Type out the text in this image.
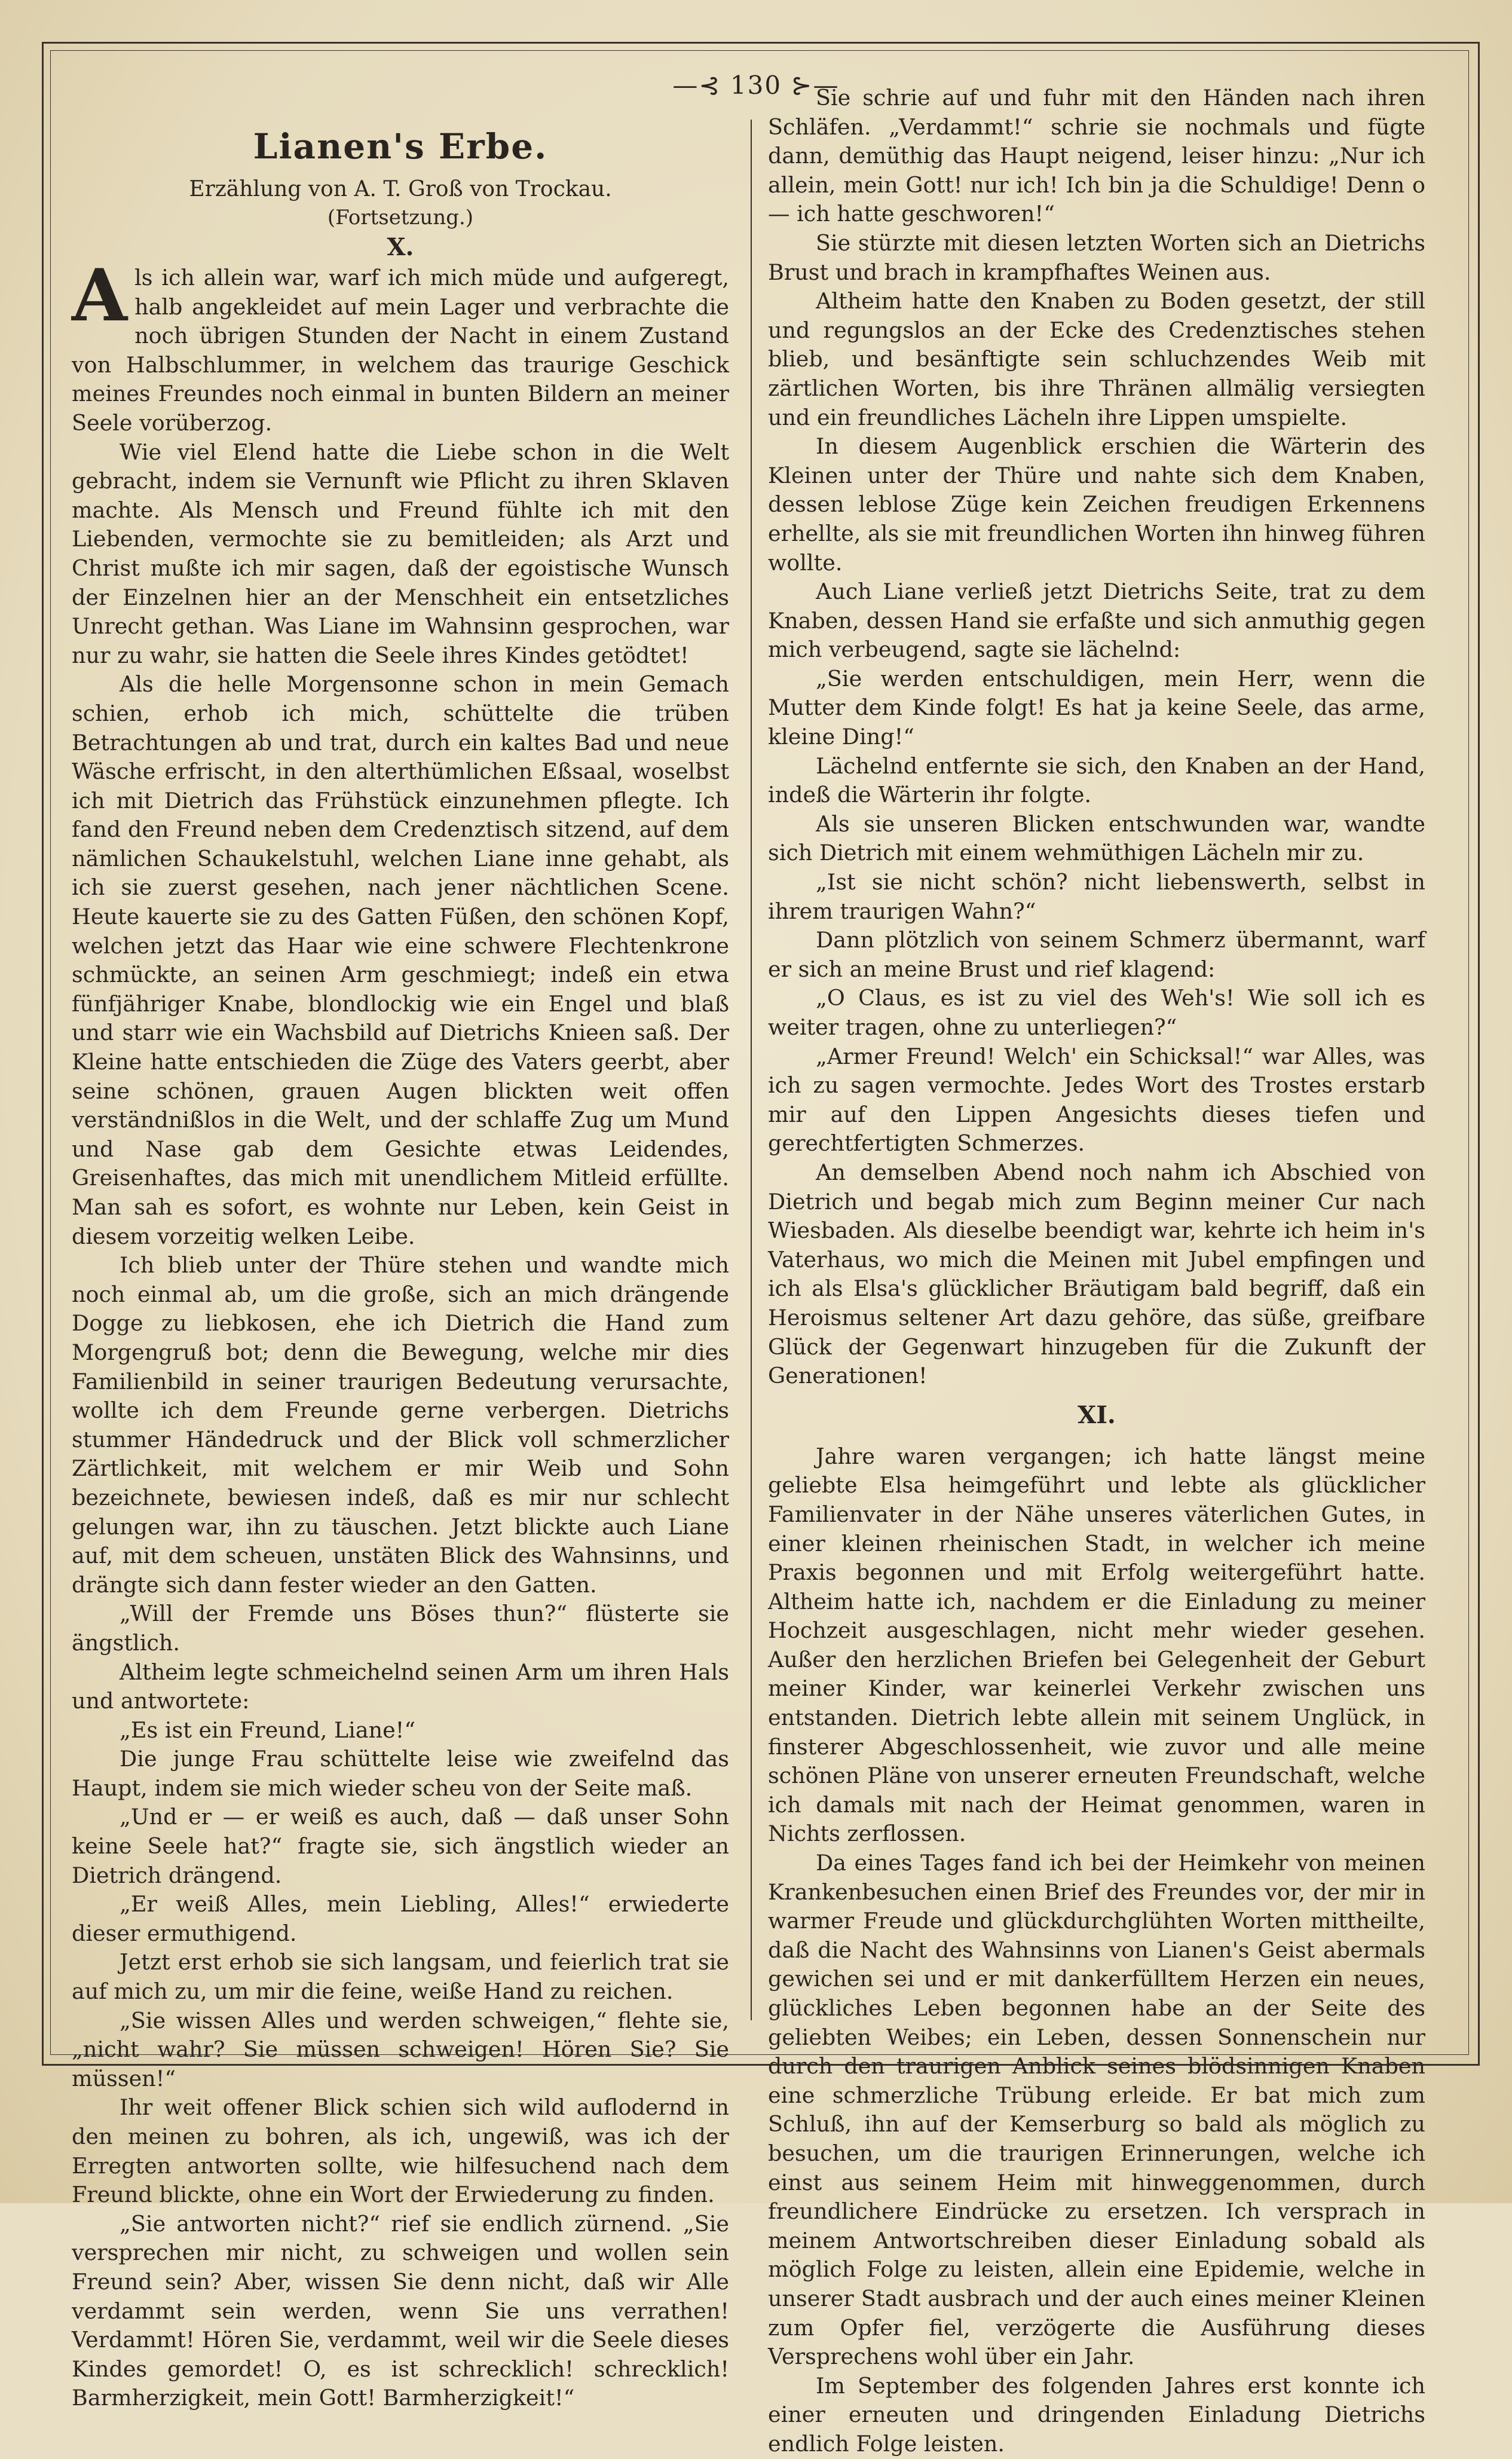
—⊰ 130 ⊱—
Lianen's Erbe.
Erzählung von A. T. Groß von Trockau.
(Fortsetzung.)
X.

Als ich allein war, warf ich mich müde und aufgeregt, halb angekleidet auf mein Lager und verbrachte die noch übrigen Stunden der Nacht in einem Zustand von Halbschlummer, in welchem das traurige Geschick meines Freundes noch einmal in bunten Bildern an meiner Seele vorüberzog.

Wie viel Elend hatte die Liebe schon in die Welt gebracht, indem sie Vernunft wie Pflicht zu ihren Sklaven machte. Als Mensch und Freund fühlte ich mit den Liebenden, vermochte sie zu bemitleiden; als Arzt und Christ mußte ich mir sagen, daß der egoistische Wunsch der Einzelnen hier an der Menschheit ein entsetzliches Unrecht gethan. Was Liane im Wahnsinn gesprochen, war nur zu wahr, sie hatten die Seele ihres Kindes getödtet!

Als die helle Morgensonne schon in mein Gemach schien, erhob ich mich, schüttelte die trüben Betrachtungen ab und trat, durch ein kaltes Bad und neue Wäsche erfrischt, in den alterthümlichen Eßsaal, woselbst ich mit Dietrich das Frühstück einzunehmen pflegte. Ich fand den Freund neben dem Credenztisch sitzend, auf dem nämlichen Schaukelstuhl, welchen Liane inne gehabt, als ich sie zuerst gesehen, nach jener nächtlichen Scene. Heute kauerte sie zu des Gatten Füßen, den schönen Kopf, welchen jetzt das Haar wie eine schwere Flechtenkrone schmückte, an seinen Arm geschmiegt; indeß ein etwa fünfjähriger Knabe, blondlockig wie ein Engel und blaß und starr wie ein Wachsbild auf Dietrichs Knieen saß. Der Kleine hatte entschieden die Züge des Vaters geerbt, aber seine schönen, grauen Augen blickten weit offen verständnißlos in die Welt, und der schlaffe Zug um Mund und Nase gab dem Gesichte etwas Leidendes, Greisenhaftes, das mich mit unendlichem Mitleid erfüllte. Man sah es sofort, es wohnte nur Leben, kein Geist in diesem vorzeitig welken Leibe.

Ich blieb unter der Thüre stehen und wandte mich noch einmal ab, um die große, sich an mich drängende Dogge zu liebkosen, ehe ich Dietrich die Hand zum Morgengruß bot; denn die Bewegung, welche mir dies Familienbild in seiner traurigen Bedeutung verursachte, wollte ich dem Freunde gerne verbergen. Dietrichs stummer Händedruck und der Blick voll schmerzlicher Zärtlichkeit, mit welchem er mir Weib und Sohn bezeichnete, bewiesen indeß, daß es mir nur schlecht gelungen war, ihn zu täuschen. Jetzt blickte auch Liane auf, mit dem scheuen, unstäten Blick des Wahnsinns, und drängte sich dann fester wieder an den Gatten.

„Will der Fremde uns Böses thun?“ flüsterte sie ängstlich.

Altheim legte schmeichelnd seinen Arm um ihren Hals und antwortete:

„Es ist ein Freund, Liane!“

Die junge Frau schüttelte leise wie zweifelnd das Haupt, indem sie mich wieder scheu von der Seite maß.

„Und er — er weiß es auch, daß — daß unser Sohn keine Seele hat?“ fragte sie, sich ängstlich wieder an Dietrich drängend.

„Er weiß Alles, mein Liebling, Alles!“ erwiederte dieser ermuthigend.

Jetzt erst erhob sie sich langsam, und feierlich trat sie auf mich zu, um mir die feine, weiße Hand zu reichen.

„Sie wissen Alles und werden schweigen,“ flehte sie, „nicht wahr? Sie müssen schweigen! Hören Sie? Sie müssen!“

Ihr weit offener Blick schien sich wild auflodernd in den meinen zu bohren, als ich, ungewiß, was ich der Erregten antworten sollte, wie hilfesuchend nach dem Freund blickte, ohne ein Wort der Erwiederung zu finden.

„Sie antworten nicht?“ rief sie endlich zürnend. „Sie versprechen mir nicht, zu schweigen und wollen sein Freund sein? Aber, wissen Sie denn nicht, daß wir Alle verdammt sein werden, wenn Sie uns verrathen! Verdammt! Hören Sie, verdammt, weil wir die Seele dieses Kindes gemordet! O, es ist schrecklich! schrecklich! Barmherzigkeit, mein Gott! Barmherzigkeit!“

Sie schrie auf und fuhr mit den Händen nach ihren Schläfen. „Verdammt!“ schrie sie nochmals und fügte dann, demüthig das Haupt neigend, leiser hinzu: „Nur ich allein, mein Gott! nur ich! Ich bin ja die Schuldige! Denn o — ich hatte geschworen!“

Sie stürzte mit diesen letzten Worten sich an Dietrichs Brust und brach in krampfhaftes Weinen aus.

Altheim hatte den Knaben zu Boden gesetzt, der still und regungslos an der Ecke des Credenztisches stehen blieb, und besänftigte sein schluchzendes Weib mit zärtlichen Worten, bis ihre Thränen allmälig versiegten und ein freundliches Lächeln ihre Lippen umspielte.

In diesem Augenblick erschien die Wärterin des Kleinen unter der Thüre und nahte sich dem Knaben, dessen leblose Züge kein Zeichen freudigen Erkennens erhellte, als sie mit freundlichen Worten ihn hinweg führen wollte.

Auch Liane verließ jetzt Dietrichs Seite, trat zu dem Knaben, dessen Hand sie erfaßte und sich anmuthig gegen mich verbeugend, sagte sie lächelnd:

„Sie werden entschuldigen, mein Herr, wenn die Mutter dem Kinde folgt! Es hat ja keine Seele, das arme, kleine Ding!“

Lächelnd entfernte sie sich, den Knaben an der Hand, indeß die Wärterin ihr folgte.

Als sie unseren Blicken entschwunden war, wandte sich Dietrich mit einem wehmüthigen Lächeln mir zu.

„Ist sie nicht schön? nicht liebenswerth, selbst in ihrem traurigen Wahn?“

Dann plötzlich von seinem Schmerz übermannt, warf er sich an meine Brust und rief klagend:

„O Claus, es ist zu viel des Weh's! Wie soll ich es weiter tragen, ohne zu unterliegen?“

„Armer Freund! Welch' ein Schicksal!“ war Alles, was ich zu sagen vermochte. Jedes Wort des Trostes erstarb mir auf den Lippen Angesichts dieses tiefen und gerechtfertigten Schmerzes.

An demselben Abend noch nahm ich Abschied von Dietrich und begab mich zum Beginn meiner Cur nach Wiesbaden. Als dieselbe beendigt war, kehrte ich heim in's Vaterhaus, wo mich die Meinen mit Jubel empfingen und ich als Elsa's glücklicher Bräutigam bald begriff, daß ein Heroismus seltener Art dazu gehöre, das süße, greifbare Glück der Gegenwart hinzugeben für die Zukunft der Generationen!

XI.

Jahre waren vergangen; ich hatte längst meine geliebte Elsa heimgeführt und lebte als glücklicher Familienvater in der Nähe unseres väterlichen Gutes, in einer kleinen rheinischen Stadt, in welcher ich meine Praxis begonnen und mit Erfolg weitergeführt hatte. Altheim hatte ich, nachdem er die Einladung zu meiner Hochzeit ausgeschlagen, nicht mehr wieder gesehen. Außer den herzlichen Briefen bei Gelegenheit der Geburt meiner Kinder, war keinerlei Verkehr zwischen uns entstanden. Dietrich lebte allein mit seinem Unglück, in finsterer Abgeschlossenheit, wie zuvor und alle meine schönen Pläne von unserer erneuten Freundschaft, welche ich damals mit nach der Heimat genommen, waren in Nichts zerflossen.

Da eines Tages fand ich bei der Heimkehr von meinen Krankenbesuchen einen Brief des Freundes vor, der mir in warmer Freude und glückdurchglühten Worten mittheilte, daß die Nacht des Wahnsinns von Lianen's Geist abermals gewichen sei und er mit dankerfülltem Herzen ein neues, glückliches Leben begonnen habe an der Seite des geliebten Weibes; ein Leben, dessen Sonnenschein nur durch den traurigen Anblick seines blödsinnigen Knaben eine schmerzliche Trübung erleide. Er bat mich zum Schluß, ihn auf der Kemserburg so bald als möglich zu besuchen, um die traurigen Erinnerungen, welche ich einst aus seinem Heim mit hinweggenommen, durch freundlichere Eindrücke zu ersetzen. Ich versprach in meinem Antwortschreiben dieser Einladung sobald als möglich Folge zu leisten, allein eine Epidemie, welche in unserer Stadt ausbrach und der auch eines meiner Kleinen zum Opfer fiel, verzögerte die Ausführung dieses Versprechens wohl über ein Jahr.

Im September des folgenden Jahres erst konnte ich einer erneuten und dringenden Einladung Dietrichs endlich Folge leisten.
